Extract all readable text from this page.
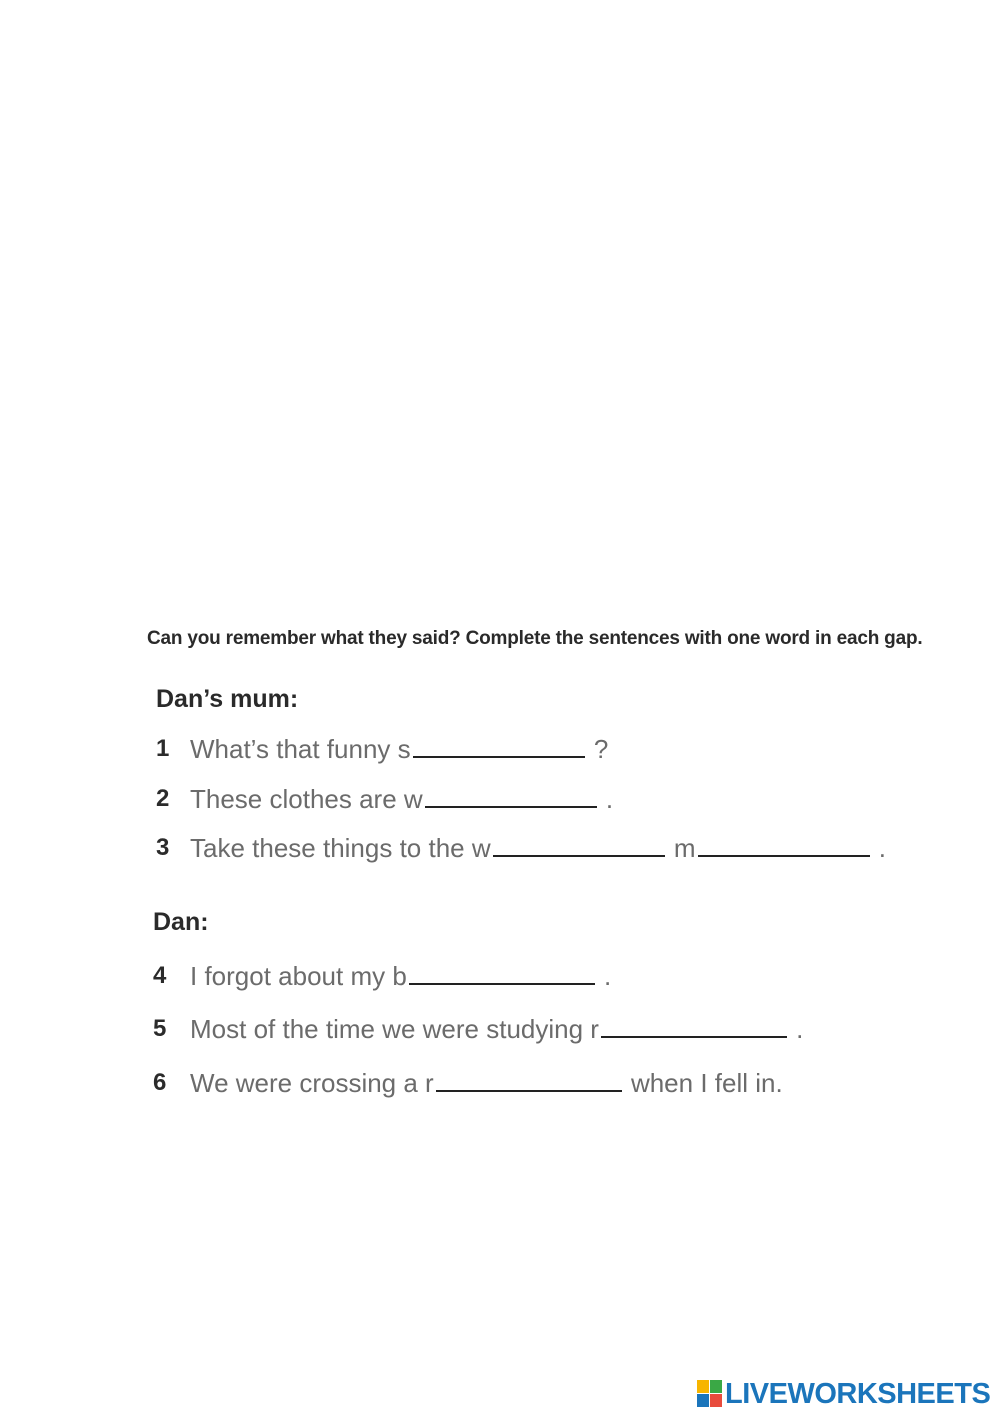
Can you remember what they said? Complete the sentences with one word in each gap.
Dan’s mum:
1 What’s that funny s	?
2 These clothes are w	.
3 Take these things to the w	m	.
Dan:
4 I forgot about my b	.
5 Most of the time we were studying r	.
6 We were crossing a r	when I fell in.
LIVEWORKSHEETS
